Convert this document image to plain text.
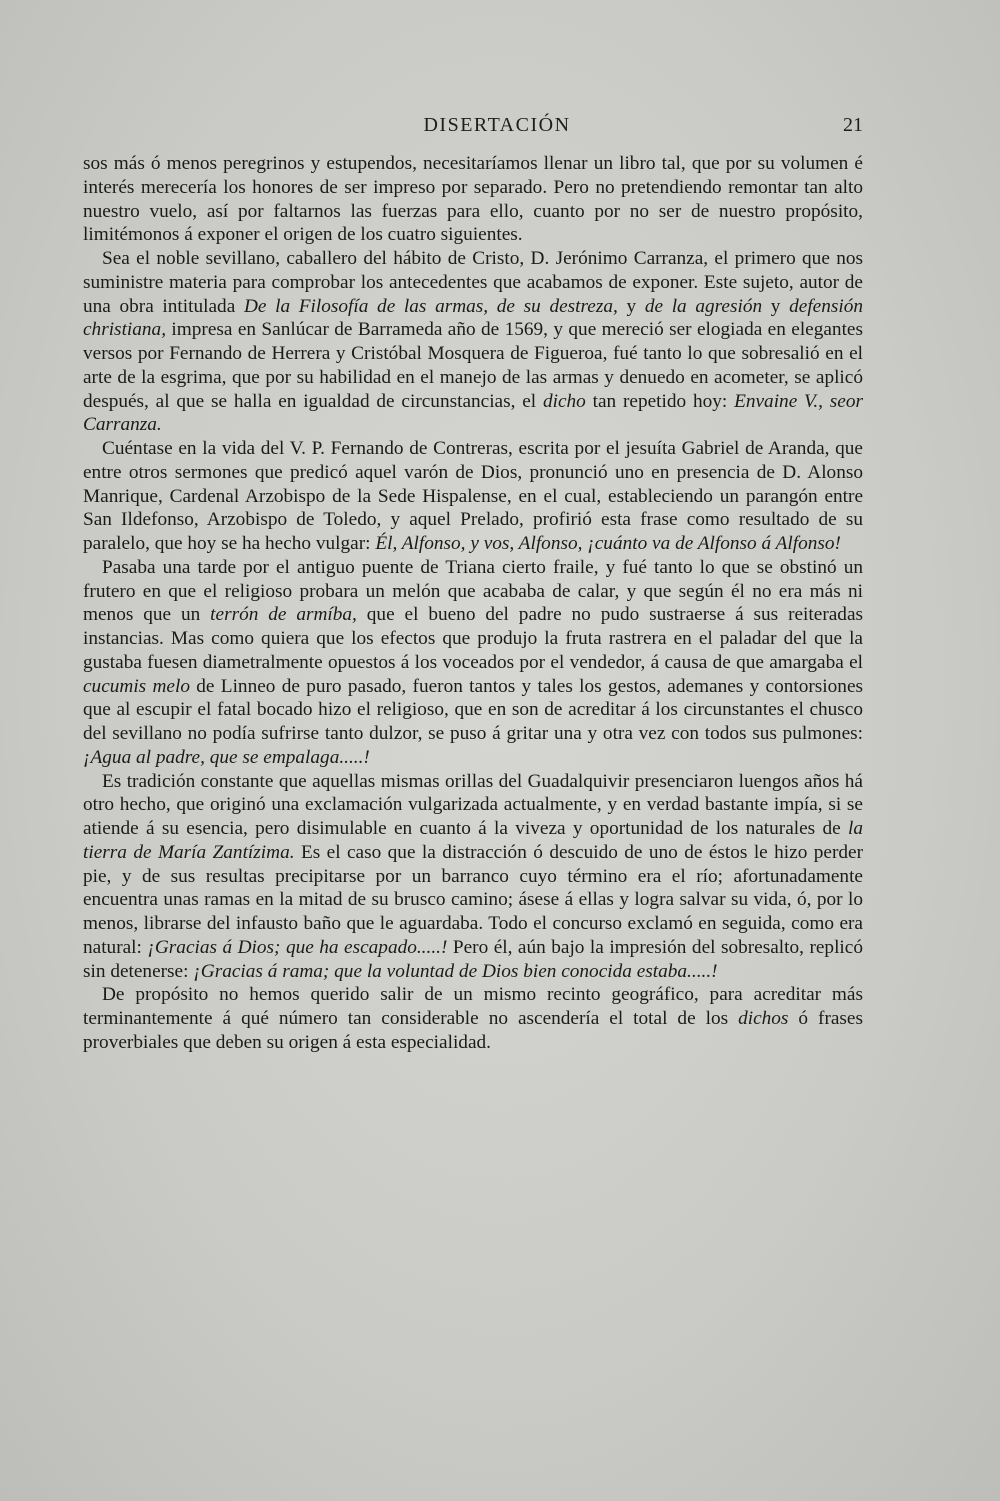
DISERTACIÓN	21

sos más ó menos peregrinos y estupendos, necesitaríamos llenar un libro tal, que por su volumen é interés merecería los honores de ser impreso por separado. Pero no pretendiendo remontar tan alto nuestro vuelo, así por faltarnos las fuerzas para ello, cuanto por no ser de nuestro propósito, limitémonos á exponer el origen de los cuatro siguientes.

Sea el noble sevillano, caballero del hábito de Cristo, D. Jerónimo Carranza, el primero que nos suministre materia para comprobar los antecedentes que acabamos de exponer. Este sujeto, autor de una obra intitulada De la Filosofía de las armas, de su destreza, y de la agresión y defensión christiana, impresa en Sanlúcar de Barrameda año de 1569, y que mereció ser elogiada en elegantes versos por Fernando de Herrera y Cristóbal Mosquera de Figueroa, fué tanto lo que sobresalió en el arte de la esgrima, que por su habilidad en el manejo de las armas y denuedo en acometer, se aplicó después, al que se halla en igualdad de circunstancias, el dicho tan repetido hoy: Envaine V., seor Carranza.

Cuéntase en la vida del V. P. Fernando de Contreras, escrita por el jesuíta Gabriel de Aranda, que entre otros sermones que predicó aquel varón de Dios, pronunció uno en presencia de D. Alonso Manrique, Cardenal Arzobispo de la Sede Hispalense, en el cual, estableciendo un parangón entre San Ildefonso, Arzobispo de Toledo, y aquel Prelado, profirió esta frase como resultado de su paralelo, que hoy se ha hecho vulgar: Él, Alfonso, y vos, Alfonso, ¡cuánto va de Alfonso á Alfonso!

Pasaba una tarde por el antiguo puente de Triana cierto fraile, y fué tanto lo que se obstinó un frutero en que el religioso probara un melón que acababa de calar, y que según él no era más ni menos que un terrón de armíba, que el bueno del padre no pudo sustraerse á sus reiteradas instancias. Mas como quiera que los efectos que produjo la fruta rastrera en el paladar del que la gustaba fuesen diametralmente opuestos á los voceados por el vendedor, á causa de que amargaba el cucumis melo de Linneo de puro pasado, fueron tantos y tales los gestos, ademanes y contorsiones que al escupir el fatal bocado hizo el religioso, que en son de acreditar á los circunstantes el chusco del sevillano no podía sufrirse tanto dulzor, se puso á gritar una y otra vez con todos sus pulmones: ¡Agua al padre, que se empalaga.....!

Es tradición constante que aquellas mismas orillas del Guadalquivir presenciaron luengos años há otro hecho, que originó una exclamación vulgarizada actualmente, y en verdad bastante impía, si se atiende á su esencia, pero disimulable en cuanto á la viveza y oportunidad de los naturales de la tierra de María Zantízima. Es el caso que la distracción ó descuido de uno de éstos le hizo perder pie, y de sus resultas precipitarse por un barranco cuyo término era el río; afortunadamente encuentra unas ramas en la mitad de su brusco camino; ásese á ellas y logra salvar su vida, ó, por lo menos, librarse del infausto baño que le aguardaba. Todo el concurso exclamó en seguida, como era natural: ¡Gracias á Dios; que ha escapado.....! Pero él, aún bajo la impresión del sobresalto, replicó sin detenerse: ¡Gracias á rama; que la voluntad de Dios bien conocida estaba.....!

De propósito no hemos querido salir de un mismo recinto geográfico, para acreditar más terminantemente á qué número tan considerable no ascendería el total de los dichos ó frases proverbiales que deben su origen á esta especialidad.
